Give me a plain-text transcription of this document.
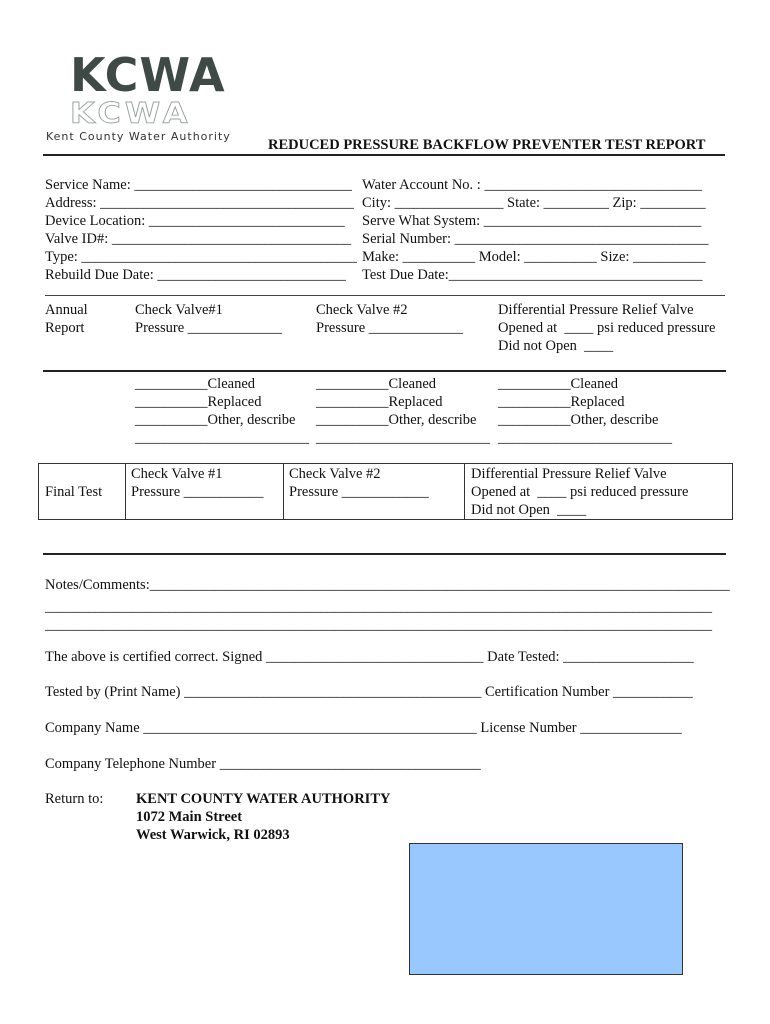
KCWA
KCWA
Kent County Water Authority
REDUCED PRESSURE BACKFLOW PREVENTER TEST REPORT
Service Name: ______________________________
Address: ___________________________________
Device Location: ___________________________
Valve ID#: _________________________________
Type: ______________________________________
Rebuild Due Date: __________________________
Water Account No. : ______________________________
City: _______________ State: _________ Zip: _________
Serve What System: ______________________________
Serial Number: ___________________________________
Make: __________ Model: __________ Size: __________
Test Due Date:___________________________________
Annual
Report
Check Valve#1
Pressure _____________
Check Valve #2
Pressure _____________
Differential Pressure Relief Valve
Opened at  ____ psi reduced pressure
Did not Open  ____
__________Cleaned
__________Replaced
__________Other, describe
________________________
__________Cleaned
__________Replaced
__________Other, describe
________________________
__________Cleaned
__________Replaced
__________Other, describe
________________________
Final Test
Check Valve #1
Pressure ___________
Check Valve #2
Pressure ____________
Differential Pressure Relief Valve
Opened at  ____ psi reduced pressure
Did not Open  ____
Notes/Comments:________________________________________________________________________________
____________________________________________________________________________________________
____________________________________________________________________________________________
The above is certified correct. Signed ______________________________ Date Tested: __________________
Tested by (Print Name) _________________________________________ Certification Number ___________
Company Name ______________________________________________ License Number ______________
Company Telephone Number ____________________________________
Return to: KENT COUNTY WATER AUTHORITY
1072 Main Street
West Warwick, RI 02893
